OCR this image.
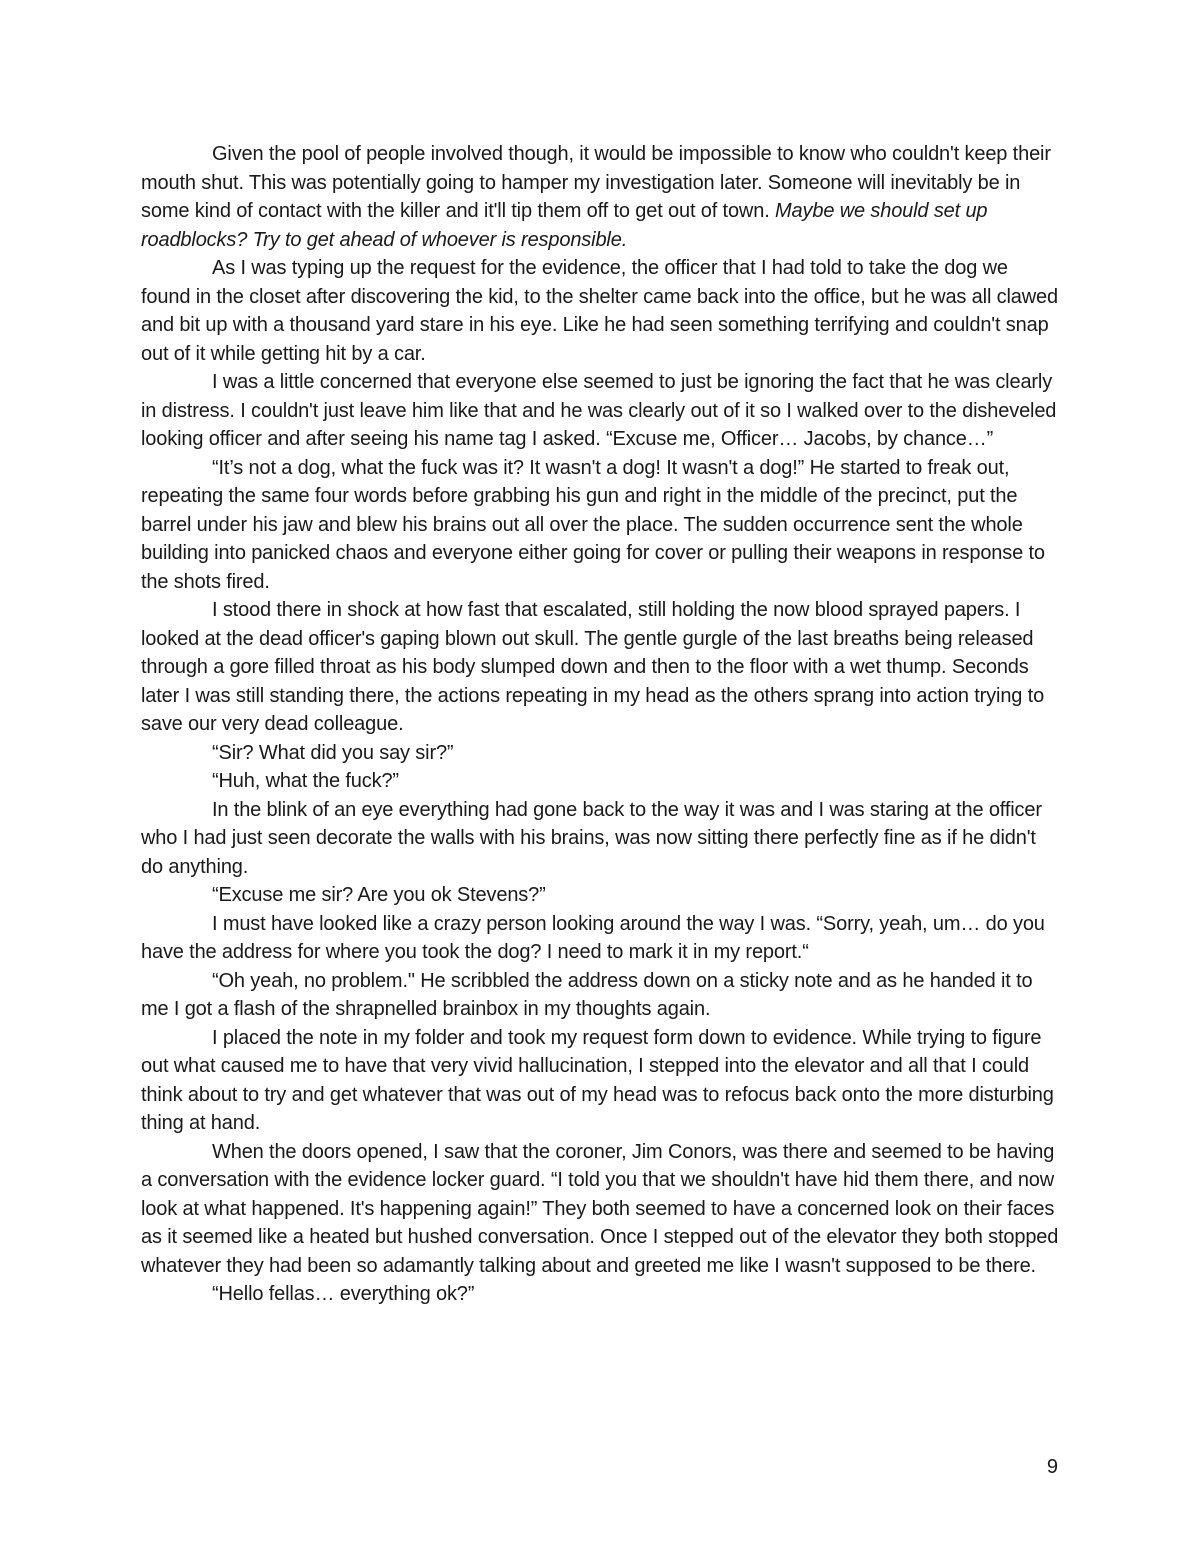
Given the pool of people involved though, it would be impossible to know who couldn't keep their mouth shut. This was potentially going to hamper my investigation later. Someone will inevitably be in some kind of contact with the killer and it'll tip them off to get out of town. Maybe we should set up roadblocks? Try to get ahead of whoever is responsible.

As I was typing up the request for the evidence, the officer that I had told to take the dog we found in the closet after discovering the kid, to the shelter came back into the office, but he was all clawed and bit up with a thousand yard stare in his eye. Like he had seen something terrifying and couldn't snap out of it while getting hit by a car.

I was a little concerned that everyone else seemed to just be ignoring the fact that he was clearly in distress. I couldn't just leave him like that and he was clearly out of it so I walked over to the disheveled looking officer and after seeing his name tag I asked. “Excuse me, Officer… Jacobs, by chance…”

“It’s not a dog, what the fuck was it? It wasn't a dog! It wasn't a dog!” He started to freak out, repeating the same four words before grabbing his gun and right in the middle of the precinct, put the barrel under his jaw and blew his brains out all over the place. The sudden occurrence sent the whole building into panicked chaos and everyone either going for cover or pulling their weapons in response to the shots fired.

I stood there in shock at how fast that escalated, still holding the now blood sprayed papers. I looked at the dead officer's gaping blown out skull. The gentle gurgle of the last breaths being released through a gore filled throat as his body slumped down and then to the floor with a wet thump. Seconds later I was still standing there, the actions repeating in my head as the others sprang into action trying to save our very dead colleague.

“Sir? What did you say sir?”

“Huh, what the fuck?”

In the blink of an eye everything had gone back to the way it was and I was staring at the officer who I had just seen decorate the walls with his brains, was now sitting there perfectly fine as if he didn't do anything.

“Excuse me sir? Are you ok Stevens?”

I must have looked like a crazy person looking around the way I was. “Sorry, yeah, um… do you have the address for where you took the dog? I need to mark it in my report.“

“Oh yeah, no problem." He scribbled the address down on a sticky note and as he handed it to me I got a flash of the shrapnelled brainbox in my thoughts again.

I placed the note in my folder and took my request form down to evidence. While trying to figure out what caused me to have that very vivid hallucination, I stepped into the elevator and all that I could think about to try and get whatever that was out of my head was to refocus back onto the more disturbing thing at hand.

When the doors opened, I saw that the coroner, Jim Conors, was there and seemed to be having a conversation with the evidence locker guard. “I told you that we shouldn't have hid them there, and now look at what happened. It's happening again!” They both seemed to have a concerned look on their faces as it seemed like a heated but hushed conversation. Once I stepped out of the elevator they both stopped whatever they had been so adamantly talking about and greeted me like I wasn't supposed to be there.

“Hello fellas… everything ok?”

9
